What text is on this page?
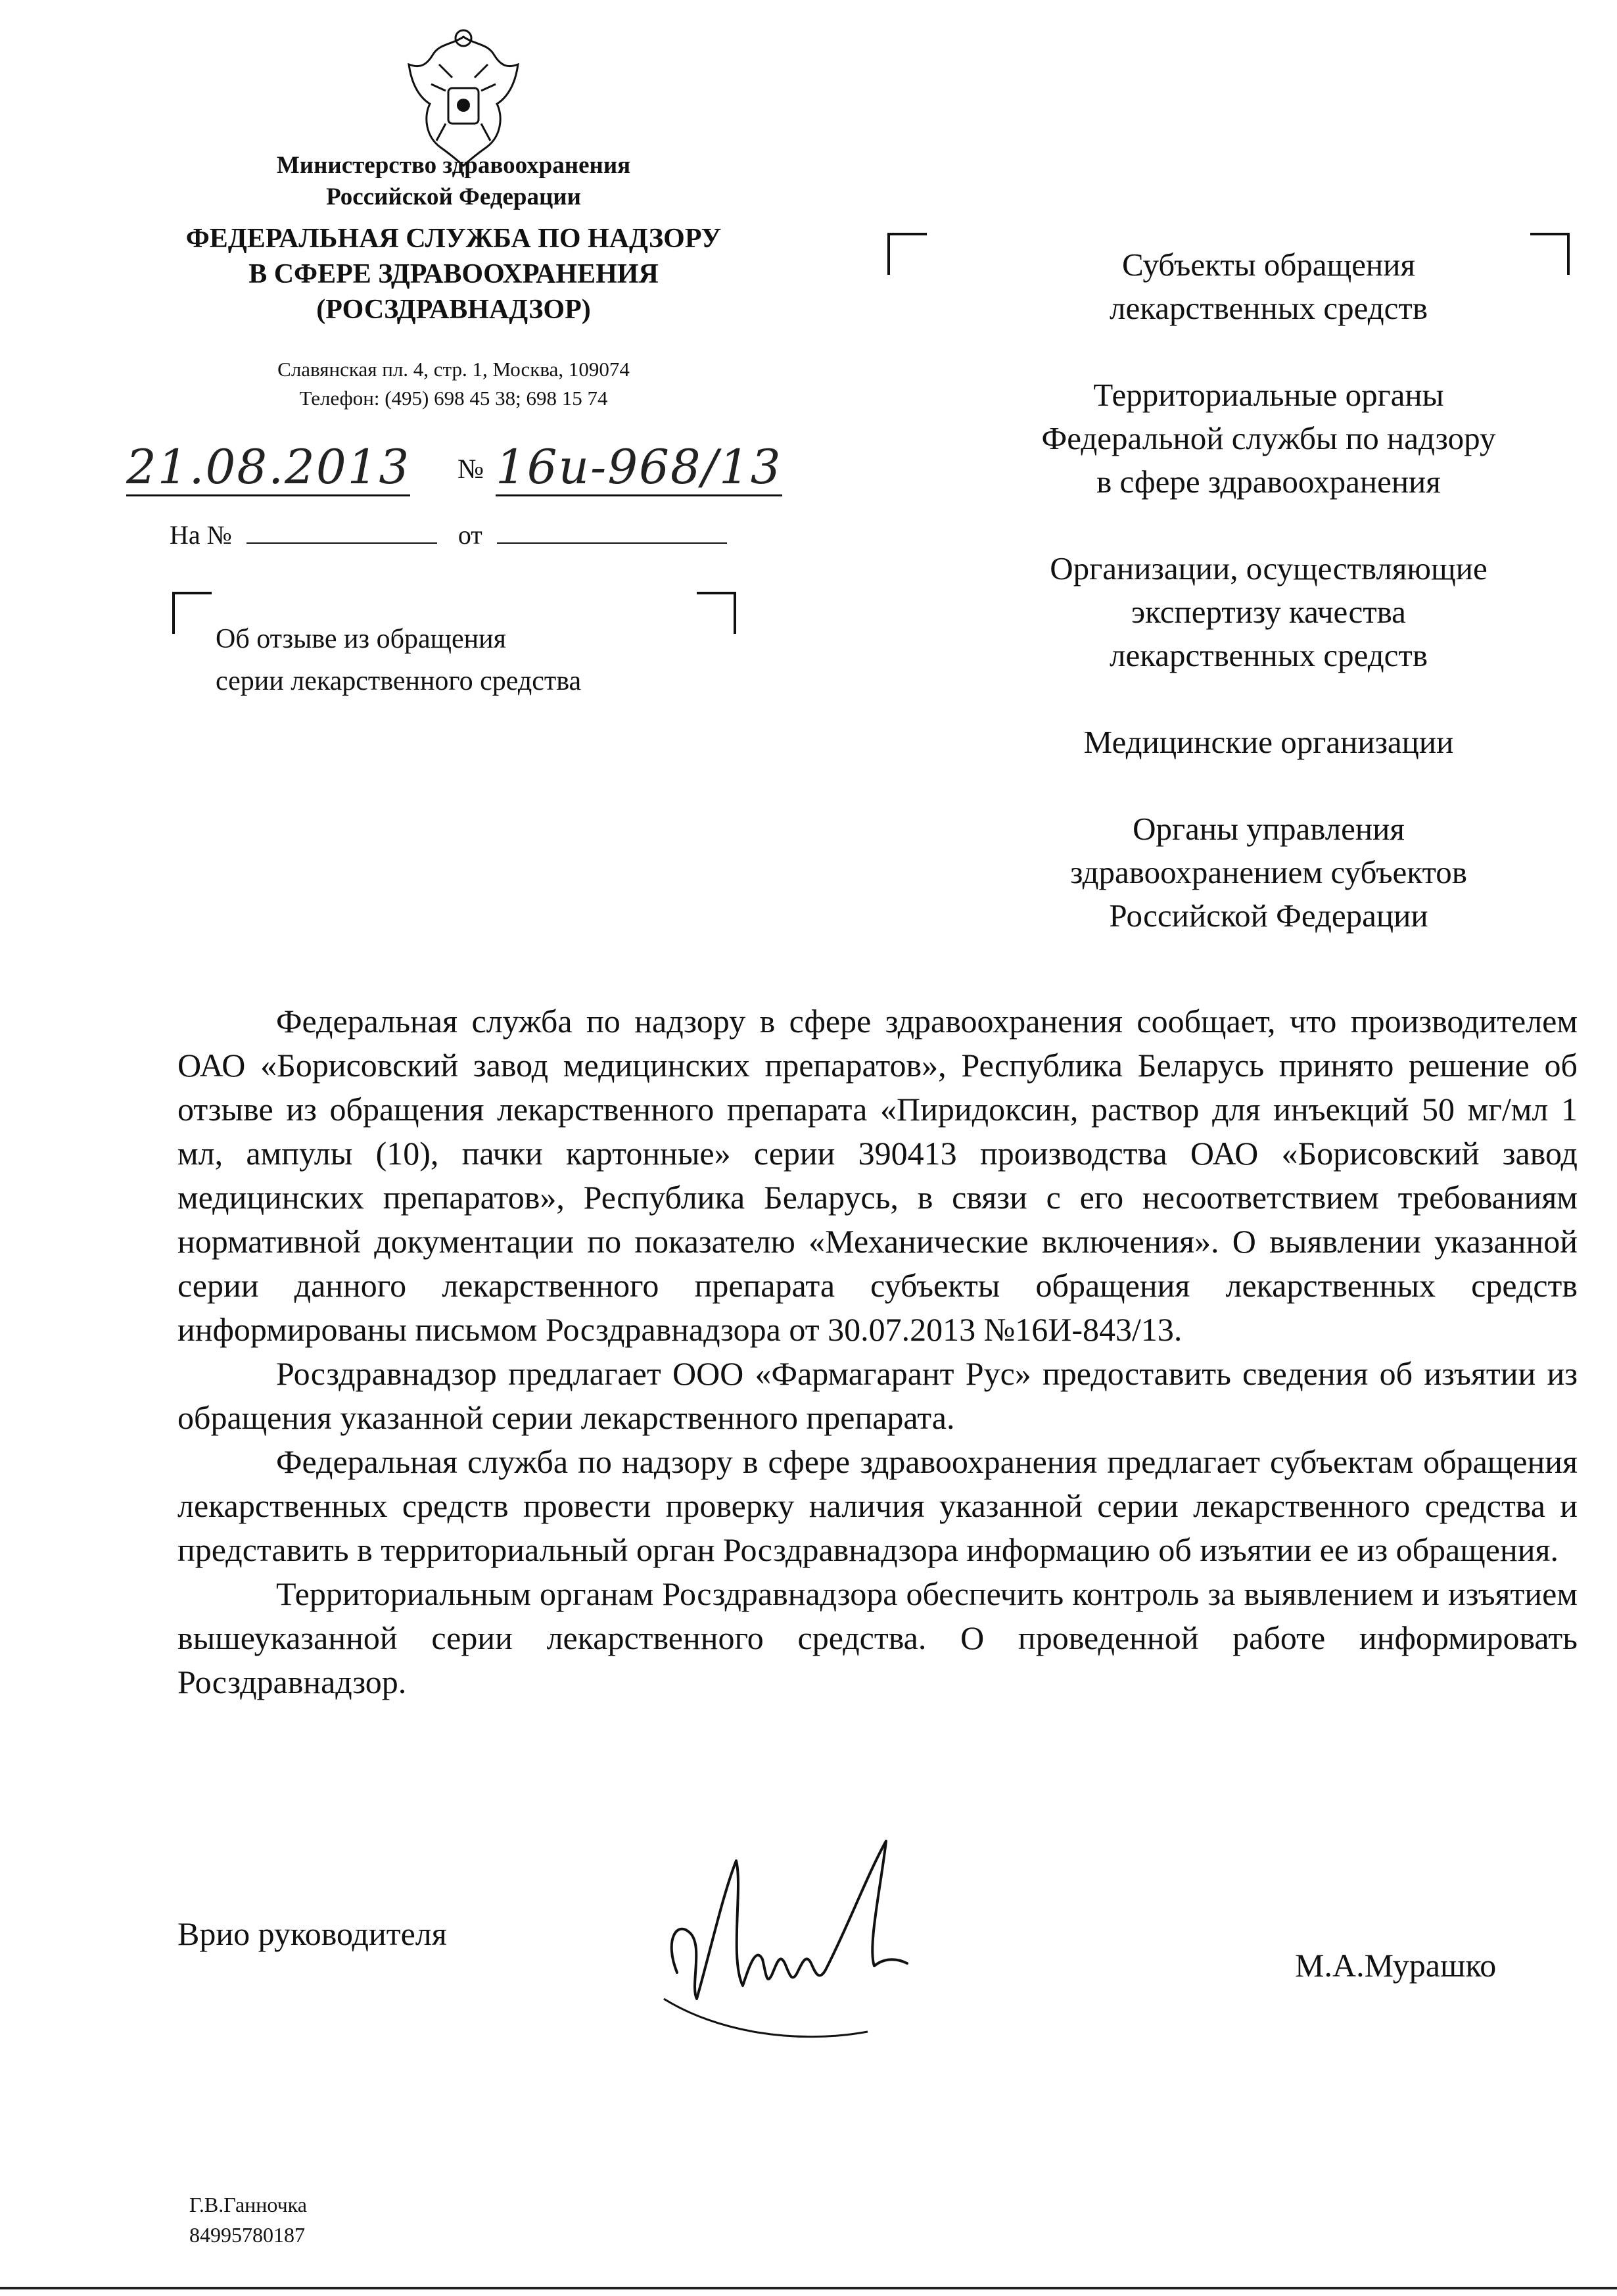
Министерство здравоохранения
Российской Федерации
ФЕДЕРАЛЬНАЯ СЛУЖБА ПО НАДЗОРУ
В СФЕРЕ ЗДРАВООХРАНЕНИЯ
(РОСЗДРАВНАДЗОР)
Славянская пл. 4, стр. 1, Москва, 109074
Телефон: (495) 698 45 38; 698 15 74
21.08.2013 № 16и-968/13
На №	от
Об отзыве из обращения
серии лекарственного средства
Субъекты обращения
лекарственных средств
Территориальные органы
Федеральной службы по надзору
в сфере здравоохранения
Организации, осуществляющие
экспертизу качества
лекарственных средств
Медицинские организации
Органы управления
здравоохранением субъектов
Российской Федерации

Федеральная служба по надзору в сфере здравоохранения сообщает, что производителем ОАО «Борисовский завод медицинских препаратов», Республика Беларусь принято решение об отзыве из обращения лекарственного препарата «Пиридоксин, раствор для инъекций 50 мг/мл 1 мл, ампулы (10), пачки картонные» серии 390413 производства ОАО «Борисовский завод медицинских препаратов», Республика Беларусь, в связи с его несоответствием требованиям нормативной документации по показателю «Механические включения». О выявлении указанной серии данного лекарственного препарата субъекты обращения лекарственных средств информированы письмом Росздравнадзора от 30.07.2013 №16И-843/13.

Росздравнадзор предлагает ООО «Фармагарант Рус» предоставить сведения об изъятии из обращения указанной серии лекарственного препарата.

Федеральная служба по надзору в сфере здравоохранения предлагает субъектам обращения лекарственных средств провести проверку наличия указанной серии лекарственного средства и представить в территориальный орган Росздравнадзора информацию об изъятии ее из обращения.

Территориальным органам Росздравнадзора обеспечить контроль за выявлением и изъятием вышеуказанной серии лекарственного средства. О проведенной работе информировать Росздравнадзор.

Врио руководителя
М.А.Мурашко
Г.В.Ганночка
84995780187
